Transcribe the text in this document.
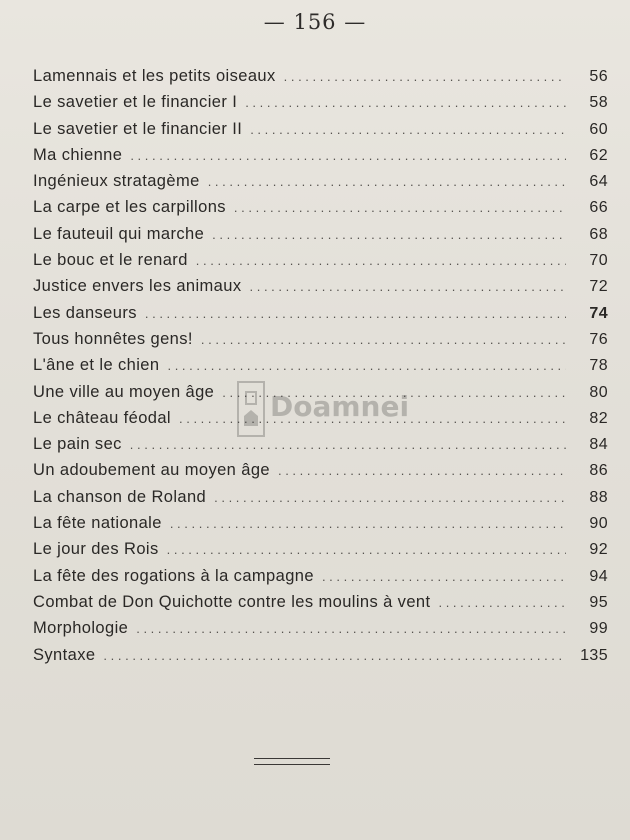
— 156 —
Lamennais et les petits oiseaux . . .	56
Le savetier et le financier I . . .	58
Le savetier et le financier II . . .	60
Ma chienne . . .	62
Ingénieux stratagème . . .	64
La carpe et les carpillons . . .	66
Le fauteuil qui marche . . .	68
Le bouc et le renard . . .	70
Justice envers les animaux . . .	72
Les danseurs . . .	74
Tous honnêtes gens! . . .	76
L'âne et le chien . . .	78
Une ville au moyen âge . . .	80
Le château féodal . . .	82
Le pain sec . . .	84
Un adoubement au moyen âge . . .	86
La chanson de Roland . . .	88
La fête nationale . . .	90
Le jour des Rois . . .	92
La fête des rogations à la campagne . . .	94
Combat de Don Quichotte contre les moulins à vent . . .	95
Morphologie . . .	99
Syntaxe . . .	135
Doamnei
